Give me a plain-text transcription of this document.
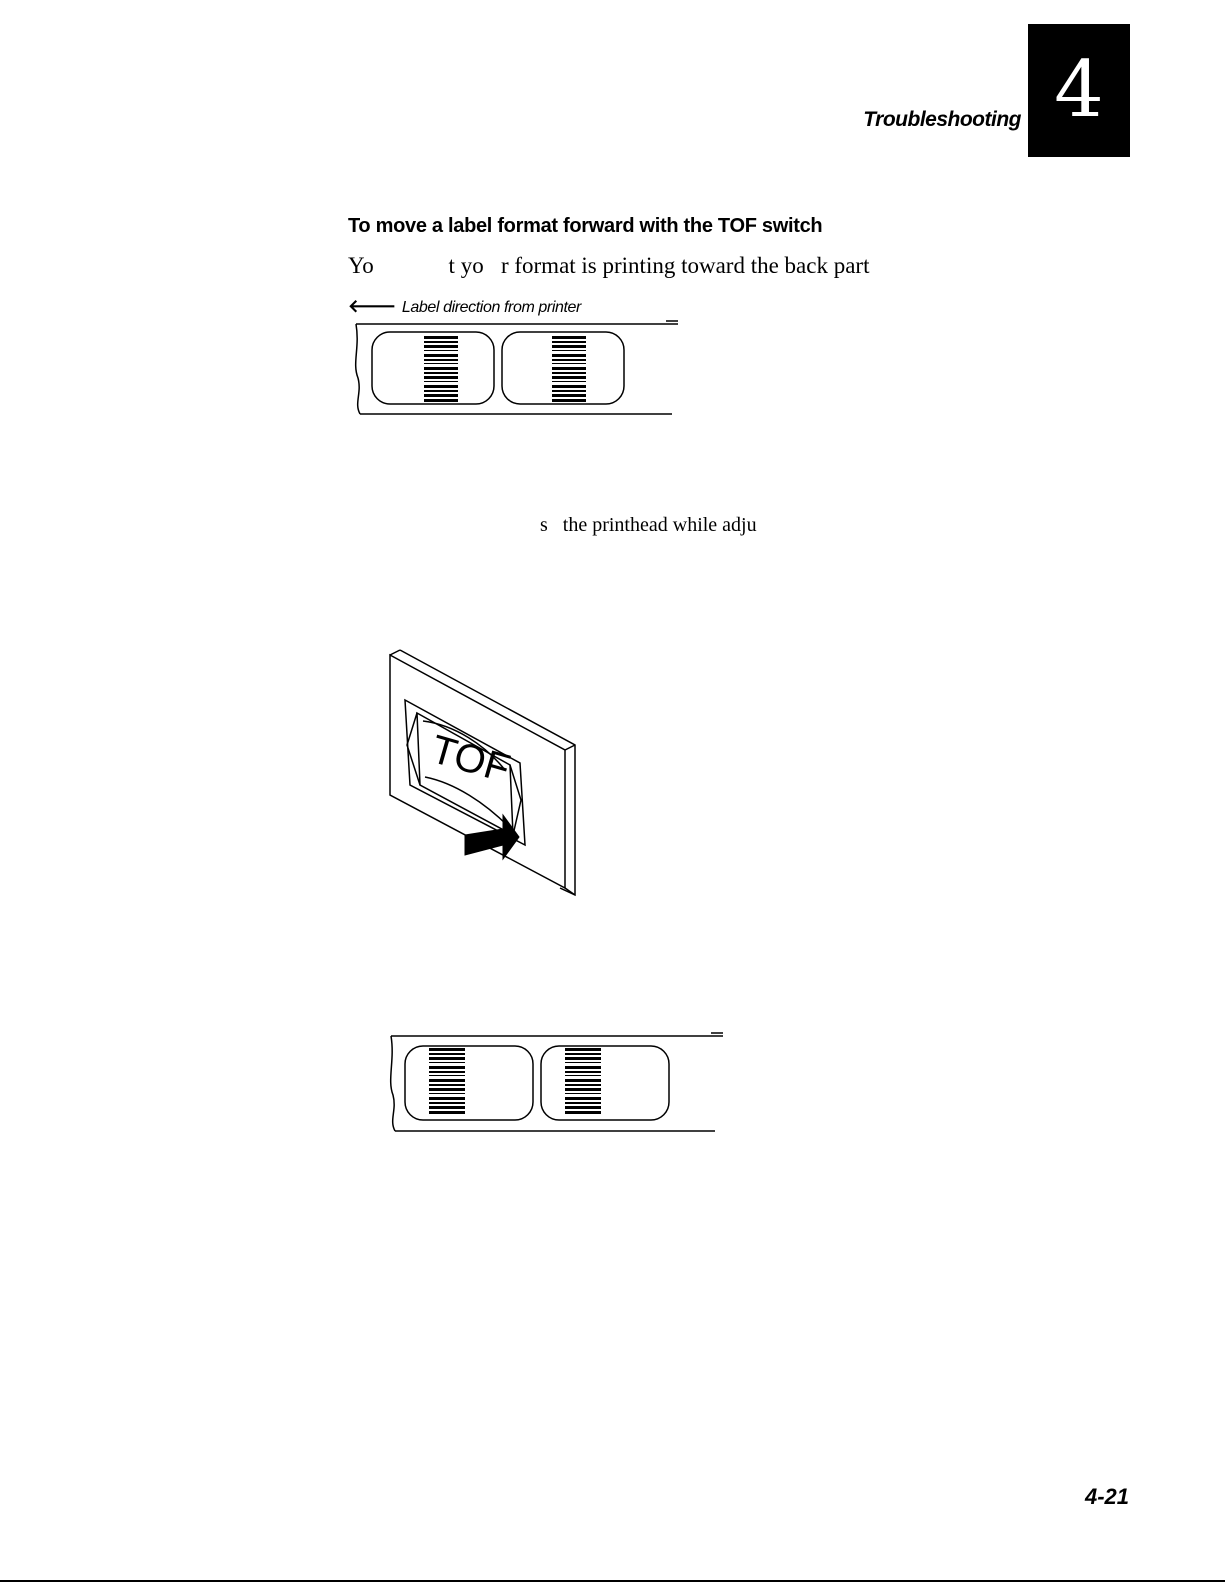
4
Troubleshooting
To move a label format forward with the TOF switch
Yo             t yo   r format is printing toward the back part
🡐 Label direction from printer
s   the printhead while adju
TOF
4-21
